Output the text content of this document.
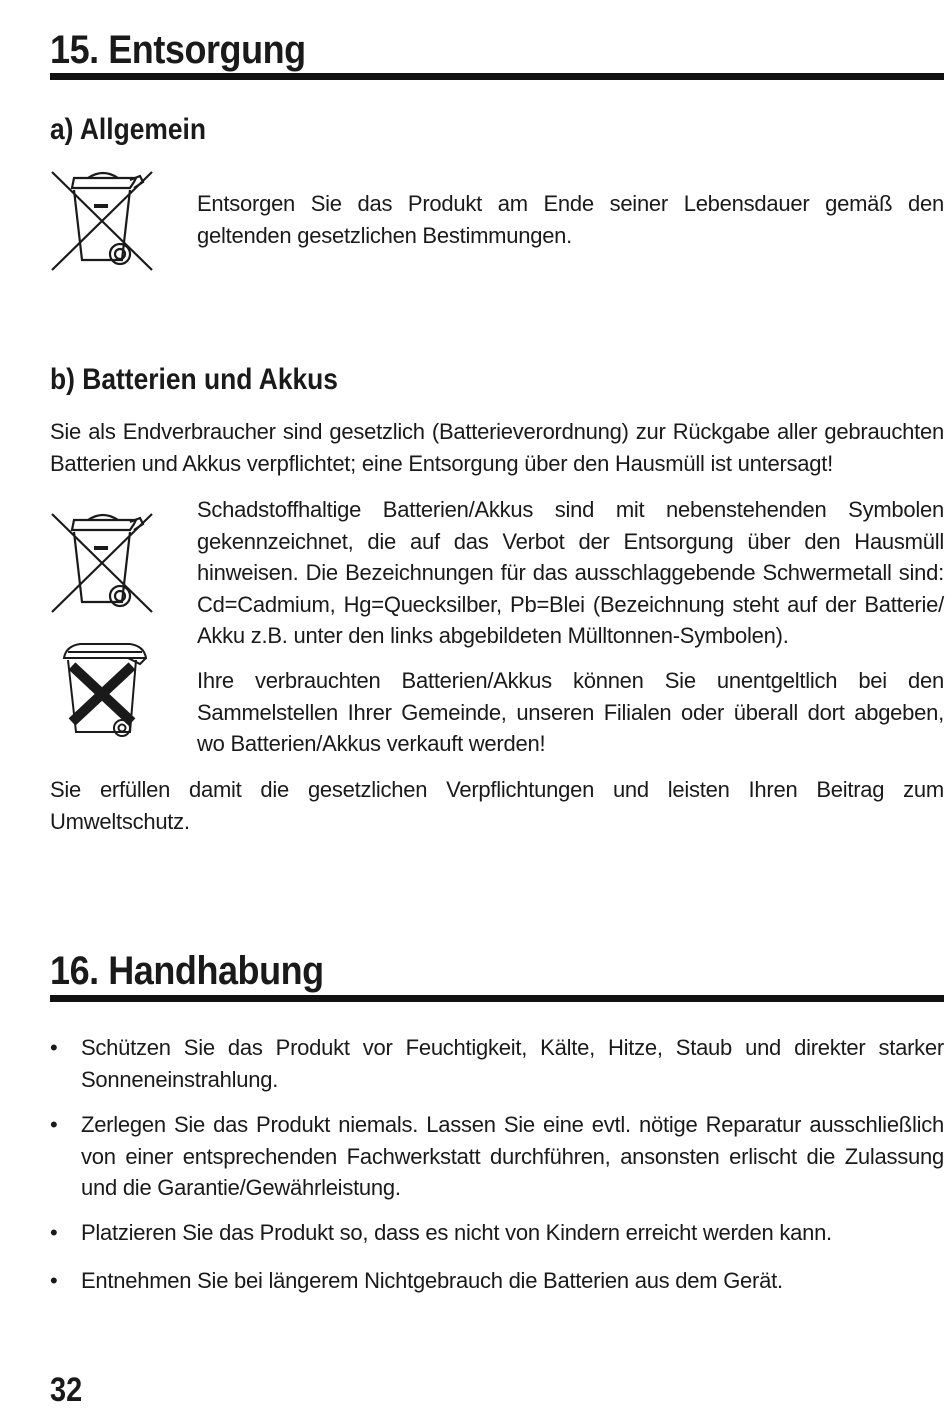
15. Entsorgung
a) Allgemein
Entsorgen Sie das Produkt am Ende seiner Lebensdauer gemäß den geltenden gesetzlichen Bestimmungen.
b) Batterien und Akkus
Sie als Endverbraucher sind gesetzlich (Batterieverordnung) zur Rückgabe aller gebrauchten Batterien und Akkus verpflichtet; eine Entsorgung über den Hausmüll ist untersagt!
Schadstoffhaltige Batterien/Akkus sind mit nebenstehenden Symbolen gekennzeichnet, die auf das Verbot der Entsorgung über den Hausmüll hinweisen. Die Bezeichnungen für das ausschlaggebende Schwermetall sind: Cd=Cadmium, Hg=Quecksilber, Pb=Blei (Bezeichnung steht auf der Batterie/ Akku z.B. unter den links abgebildeten Mülltonnen-Symbolen).
Ihre verbrauchten Batterien/Akkus können Sie unentgeltlich bei den Sammelstellen Ihrer Gemeinde, unseren Filialen oder überall dort abgeben, wo Batterien/Akkus verkauft werden!
Sie erfüllen damit die gesetzlichen Verpflichtungen und leisten Ihren Beitrag zum Umweltschutz.
16. Handhabung
• Schützen Sie das Produkt vor Feuchtigkeit, Kälte, Hitze, Staub und direkter starker Sonneneinstrahlung.
• Zerlegen Sie das Produkt niemals. Lassen Sie eine evtl. nötige Reparatur ausschließlich von einer entsprechenden Fachwerkstatt durchführen, ansonsten erlischt die Zulassung und die Garantie/Gewährleistung.
• Platzieren Sie das Produkt so, dass es nicht von Kindern erreicht werden kann.
• Entnehmen Sie bei längerem Nichtgebrauch die Batterien aus dem Gerät.
32
